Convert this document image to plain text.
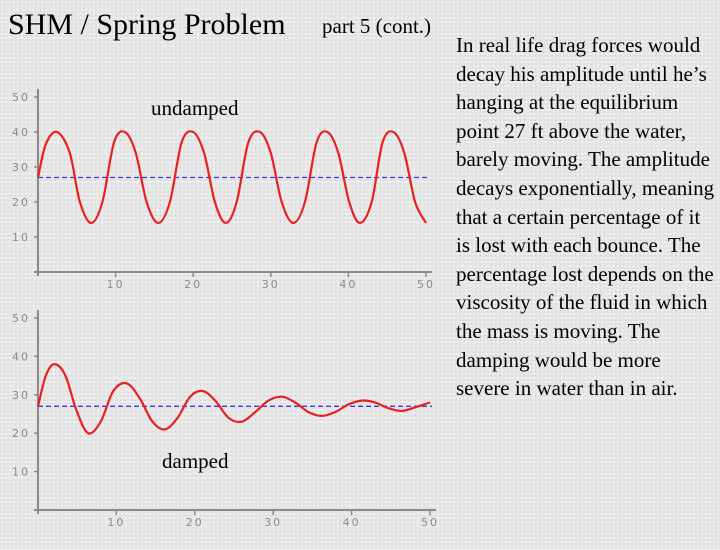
SHM / Spring Problem part 5 (cont.)
In real life drag forces would decay his amplitude until he’s hanging at the equilibrium point 27 ft above the water, barely moving. The amplitude decays exponentially, meaning that a certain percentage of it is lost with each bounce. The percentage lost depends on the viscosity of the fluid in which the mass is moving. The damping would be more severe in water than in air.
10	20	30	40	50
10
20
30
40
50
10	20	30	40	50
10
20
30
40
50
undamped
damped
